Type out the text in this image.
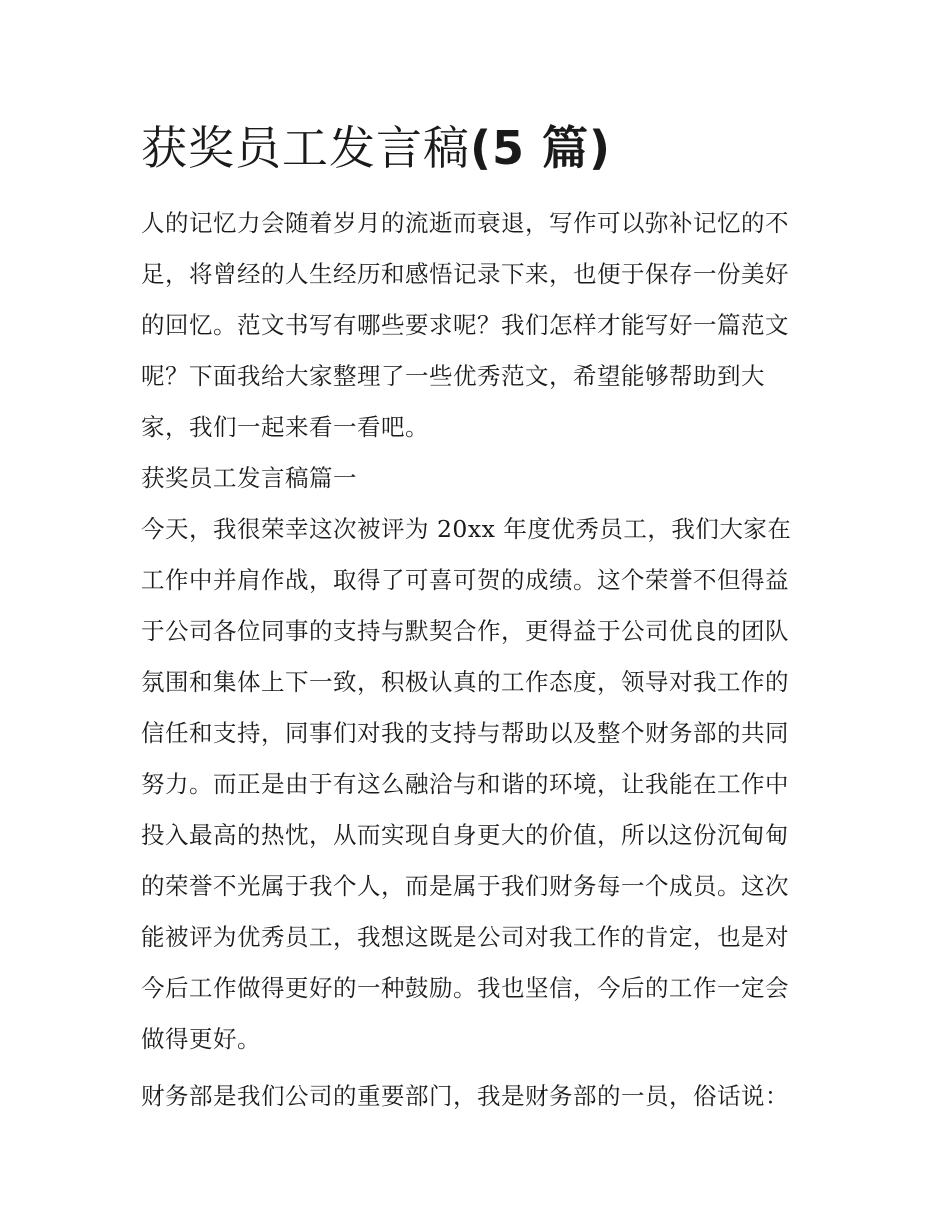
获奖员工发言稿(5 篇)
人的记忆力会随着岁月的流逝而衰退，写作可以弥补记忆的不
足，将曾经的人生经历和感悟记录下来，也便于保存一份美好
的回忆。范文书写有哪些要求呢？我们怎样才能写好一篇范文
呢？下面我给大家整理了一些优秀范文，希望能够帮助到大
家，我们一起来看一看吧。
获奖员工发言稿篇一
今天，我很荣幸这次被评为 20xx 年度优秀员工，我们大家在
工作中并肩作战，取得了可喜可贺的成绩。这个荣誉不但得益
于公司各位同事的支持与默契合作，更得益于公司优良的团队
氛围和集体上下一致，积极认真的工作态度，领导对我工作的
信任和支持，同事们对我的支持与帮助以及整个财务部的共同
努力。而正是由于有这么融洽与和谐的环境，让我能在工作中
投入最高的热忱，从而实现自身更大的价值，所以这份沉甸甸
的荣誉不光属于我个人，而是属于我们财务每一个成员。这次
能被评为优秀员工，我想这既是公司对我工作的肯定，也是对
今后工作做得更好的一种鼓励。我也坚信，今后的工作一定会
做得更好。
财务部是我们公司的重要部门，我是财务部的一员，俗话说：
